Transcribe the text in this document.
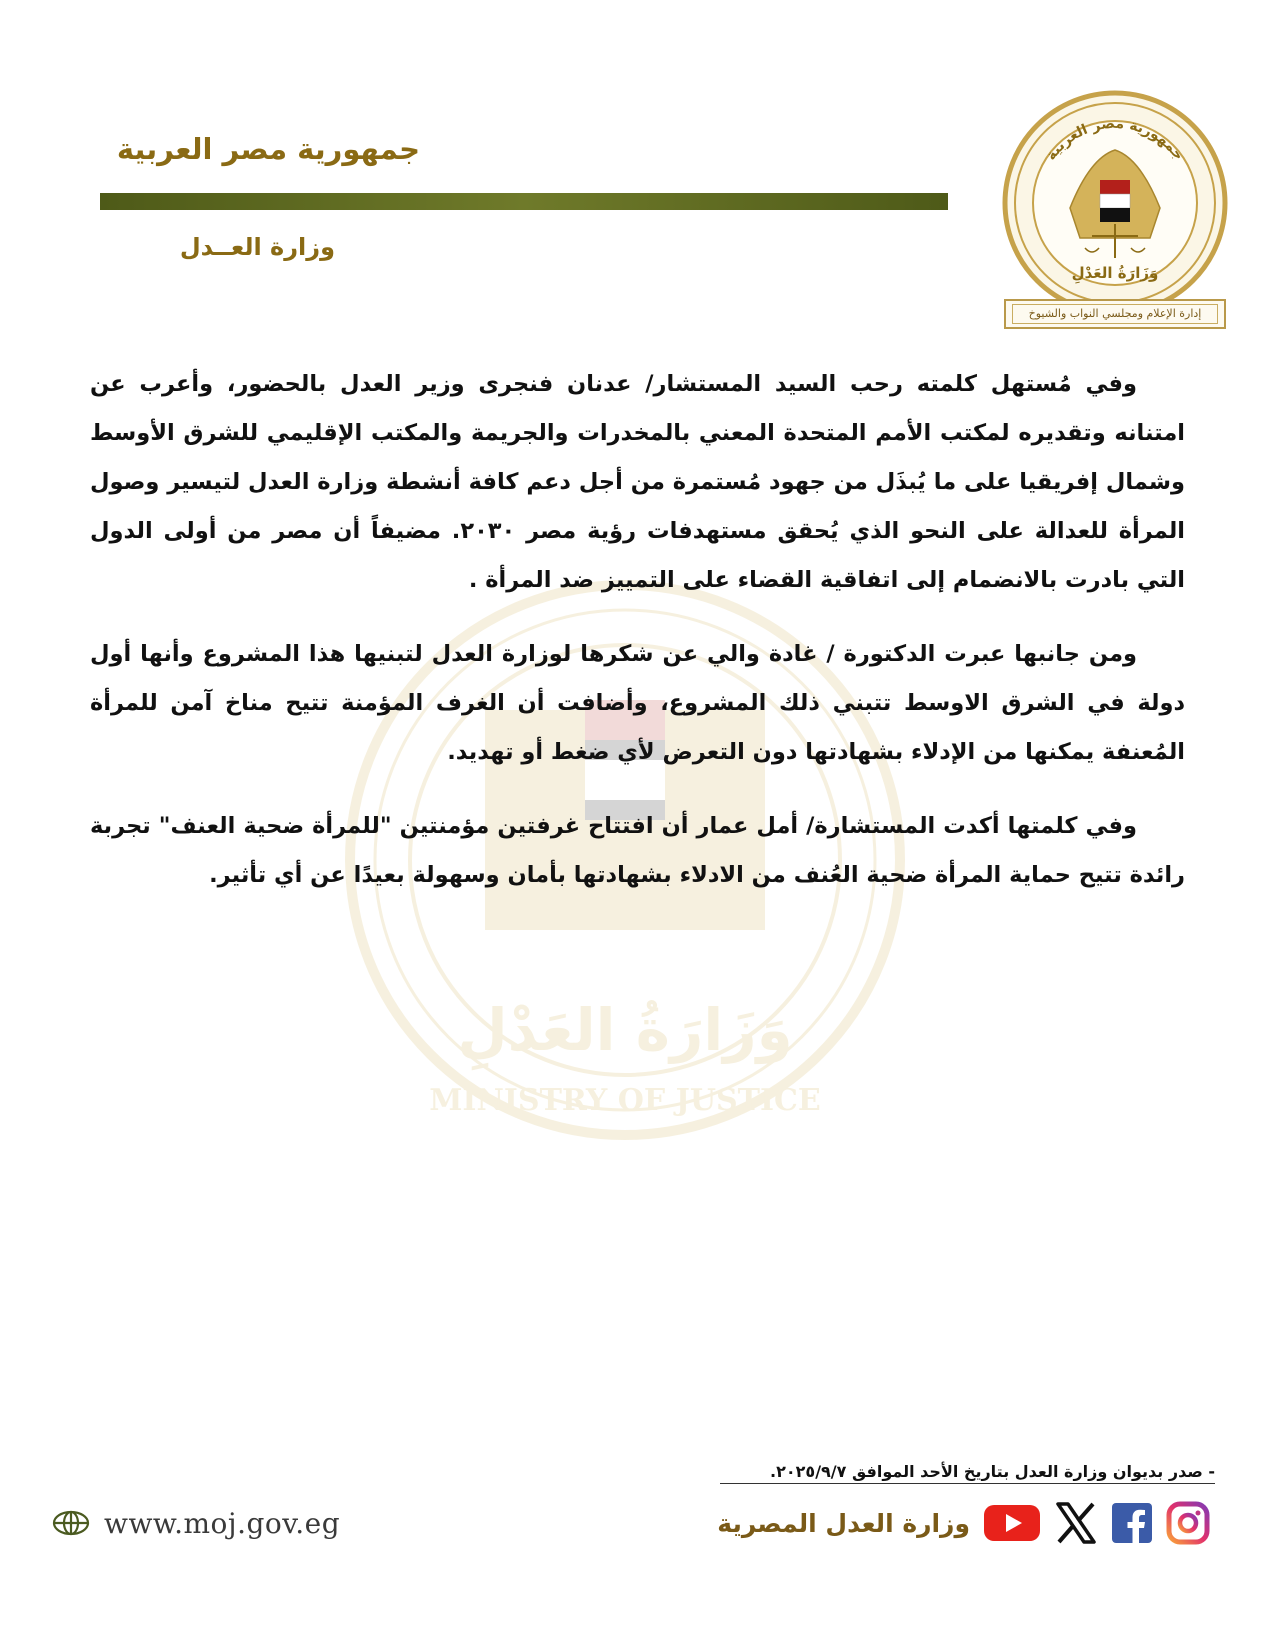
وَزَارَةُ العَدْلِ
MINISTRY OF JUSTICE
جمهورية مصر العربية
وزارة العــدل
جمهورية مصر العربية
وَزَارَةُ العَدْلِ
إدارة الإعلام ومجلسي النواب والشيوخ

وفي مُستهل كلمته رحب السيد المستشار/ عدنان فنجرى وزير العدل بالحضور، وأعرب عن امتنانه وتقديره لمكتب الأمم المتحدة المعني بالمخدرات والجريمة والمكتب الإقليمي للشرق الأوسط وشمال إفريقيا على ما يُبذَل من جهود مُستمرة من أجل دعم كافة أنشطة وزارة العدل لتيسير وصول المرأة للعدالة على النحو الذي يُحقق مستهدفات رؤية مصر ٢٠٣٠. مضيفاً أن مصر من أولى الدول التي بادرت بالانضمام إلى اتفاقية القضاء على التمييز ضد المرأة .

ومن جانبها عبرت الدكتورة / غادة والي عن شكرها لوزارة العدل لتبنيها هذا المشروع وأنها أول دولة في الشرق الاوسط تتبني ذلك المشروع، وأضافت أن الغرف المؤمنة تتيح مناخ آمن للمرأة المُعنفة يمكنها من الإدلاء بشهادتها دون التعرض لأي ضغط أو تهديد.

وفي كلمتها أكدت المستشارة/ أمل عمار أن افتتاح غرفتين مؤمنتين "للمرأة ضحية العنف" تجربة رائدة تتيح حماية المرأة ضحية العُنف من الادلاء بشهادتها بأمان وسهولة بعيدًا عن أي تأثير.

- صدر بديوان وزارة العدل بتاريخ الأحد الموافق ٢٠٢٥/٩/٧.
www.moj.gov.eg	وزارة العدل المصرية
